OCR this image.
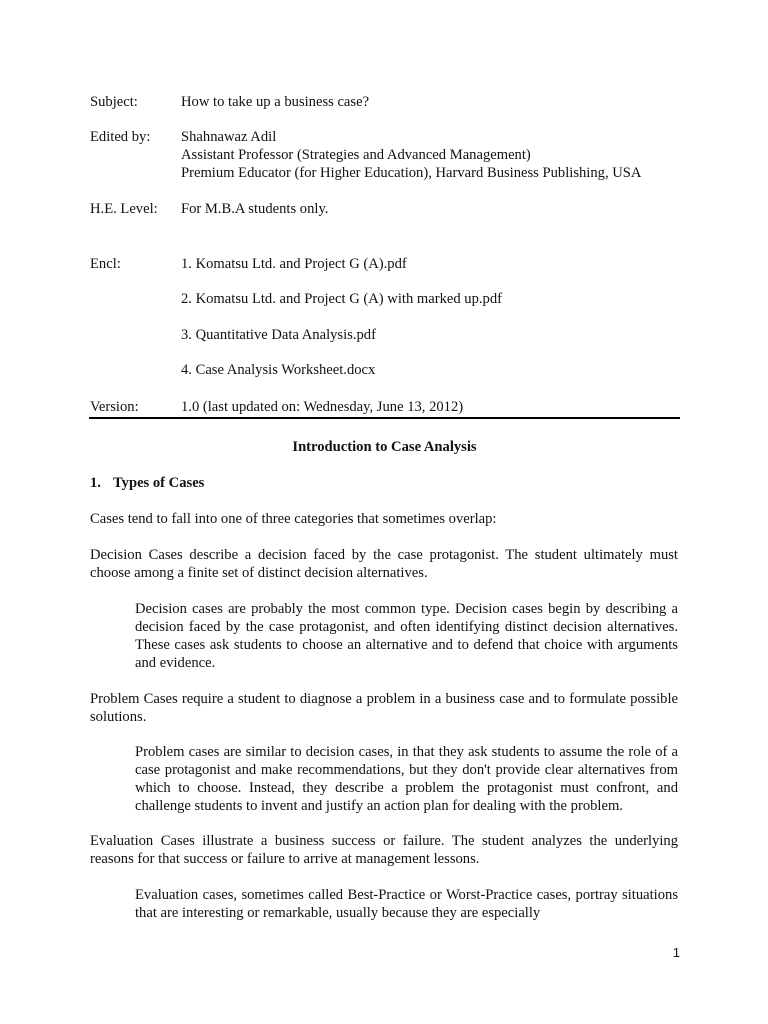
Subject:	How to take up a business case?
Edited by:	Shahnawaz Adil
Assistant Professor (Strategies and Advanced Management)
Premium Educator (for Higher Education), Harvard Business Publishing, USA
H.E. Level:	For M.B.A students only.
Encl:	1. Komatsu Ltd. and Project G (A).pdf
2. Komatsu Ltd. and Project G (A) with marked up.pdf
3. Quantitative Data Analysis.pdf
4. Case Analysis Worksheet.docx
Version:	1.0 (last updated on: Wednesday, June 13, 2012)
Introduction to Case Analysis
1. Types of Cases
Cases tend to fall into one of three categories that sometimes overlap:
Decision Cases describe a decision faced by the case protagonist. The student ultimately must choose among a finite set of distinct decision alternatives.
Decision cases are probably the most common type. Decision cases begin by describing a decision faced by the case protagonist, and often identifying distinct decision alternatives. These cases ask students to choose an alternative and to defend that choice with arguments and evidence.
Problem Cases require a student to diagnose a problem in a business case and to formulate possible solutions.
Problem cases are similar to decision cases, in that they ask students to assume the role of a case protagonist and make recommendations, but they don't provide clear alternatives from which to choose. Instead, they describe a problem the protagonist must confront, and challenge students to invent and justify an action plan for dealing with the problem.
Evaluation Cases illustrate a business success or failure. The student analyzes the underlying reasons for that success or failure to arrive at management lessons.
Evaluation cases, sometimes called Best-Practice or Worst-Practice cases, portray situations that are interesting or remarkable, usually because they are especially
1
